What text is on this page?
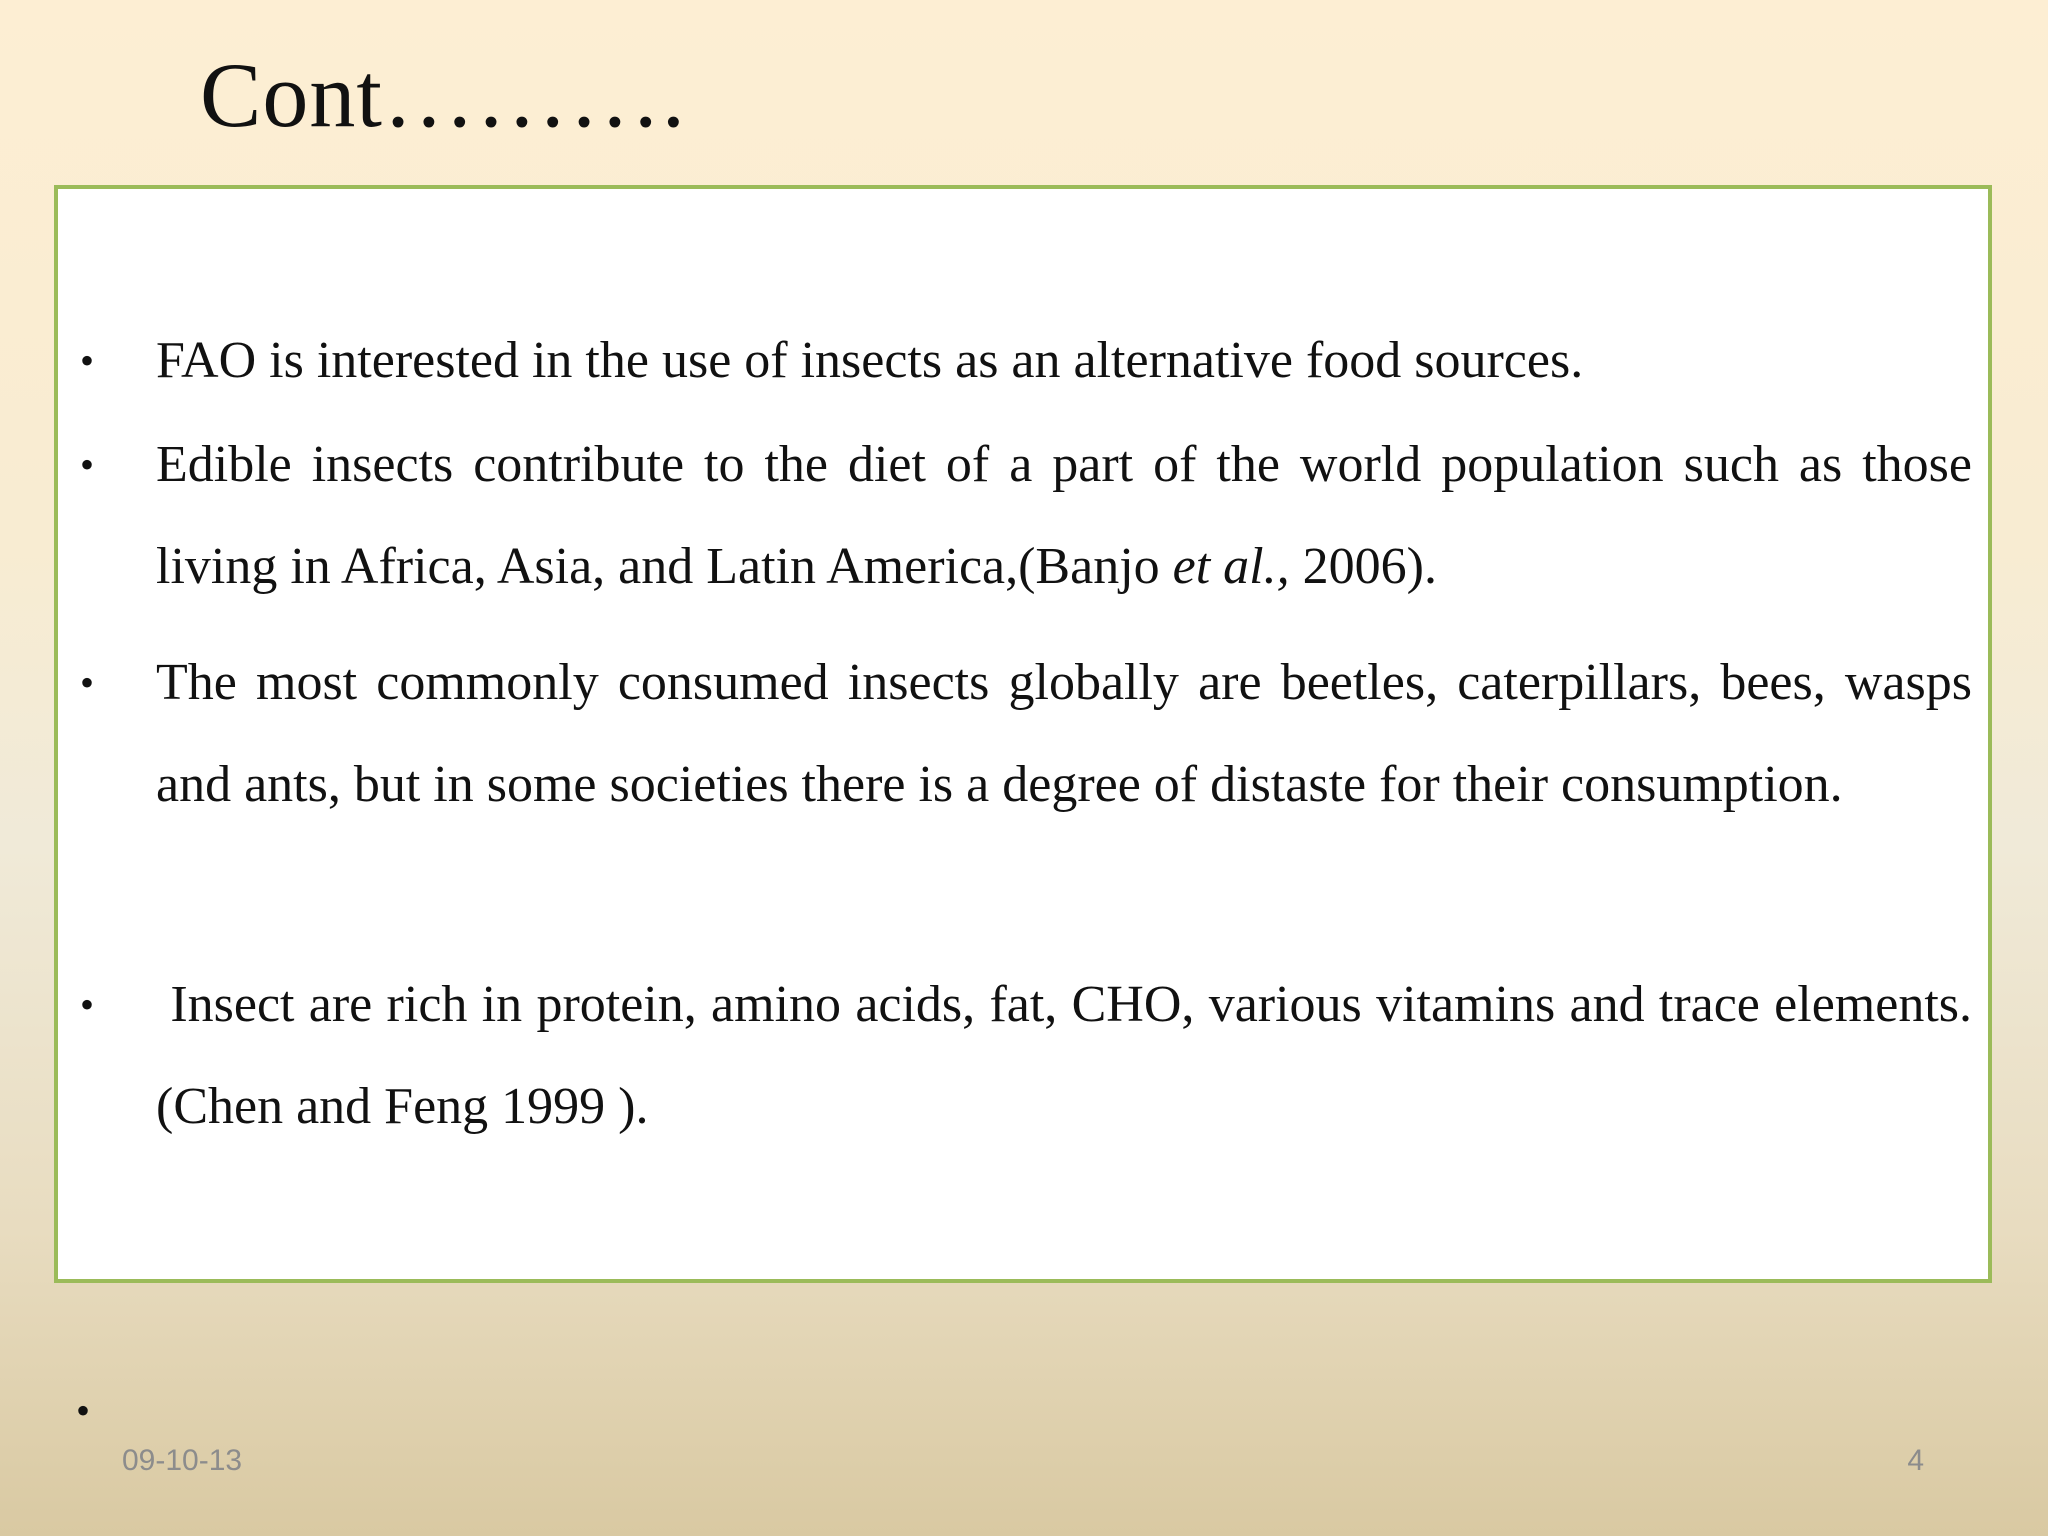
Cont……….
• FAO is interested in the use of insects as an alternative food sources.
• Edible insects contribute to the diet of a part of the world population such as those living in Africa, Asia, and Latin America,(Banjo et al., 2006).
• The most commonly consumed insects globally are beetles, caterpillars, bees, wasps and ants, but in some societies there is a degree of distaste for their consumption.
• Insect are rich in protein, amino acids, fat, CHO, various vitamins and trace elements. (Chen and Feng 1999 ).
•
09-10-13	4
